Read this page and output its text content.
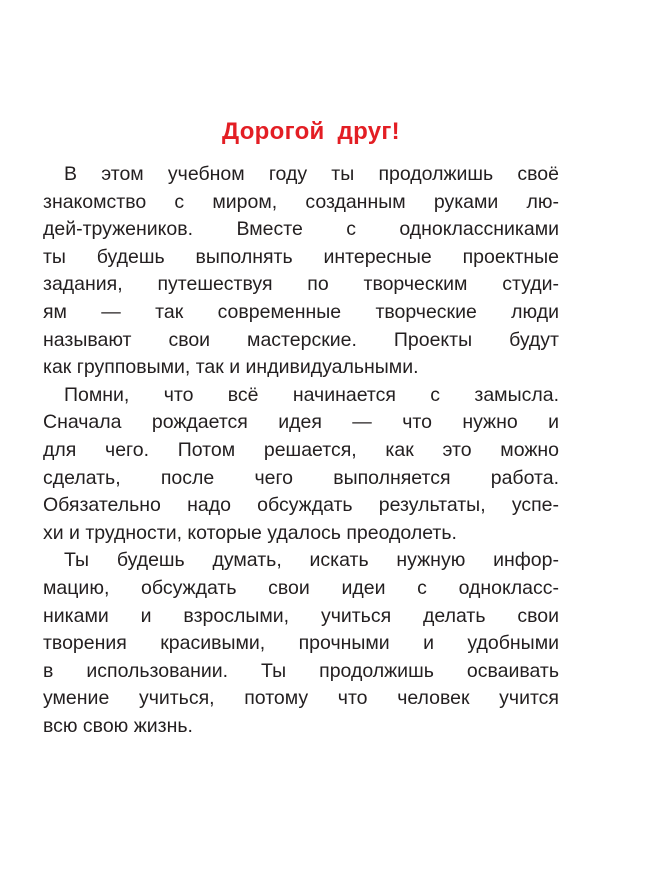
Дорогой друг!
В этом учебном году ты продолжишь своё
знакомство с миром, созданным руками лю-
дей-тружеников. Вместе с одноклассниками
ты будешь выполнять интересные проектные
задания, путешествуя по творческим студи-
ям — так современные творческие люди
называют свои мастерские. Проекты будут
как групповыми, так и индивидуальными.
Помни, что всё начинается с замысла.
Сначала рождается идея — что нужно и
для чего. Потом решается, как это можно
сделать, после чего выполняется работа.
Обязательно надо обсуждать результаты, успе-
хи и трудности, которые удалось преодолеть.
Ты будешь думать, искать нужную инфор-
мацию, обсуждать свои идеи с однокласс-
никами и взрослыми, учиться делать свои
творения красивыми, прочными и удобными
в использовании. Ты продолжишь осваивать
умение учиться, потому что человек учится
всю свою жизнь.
